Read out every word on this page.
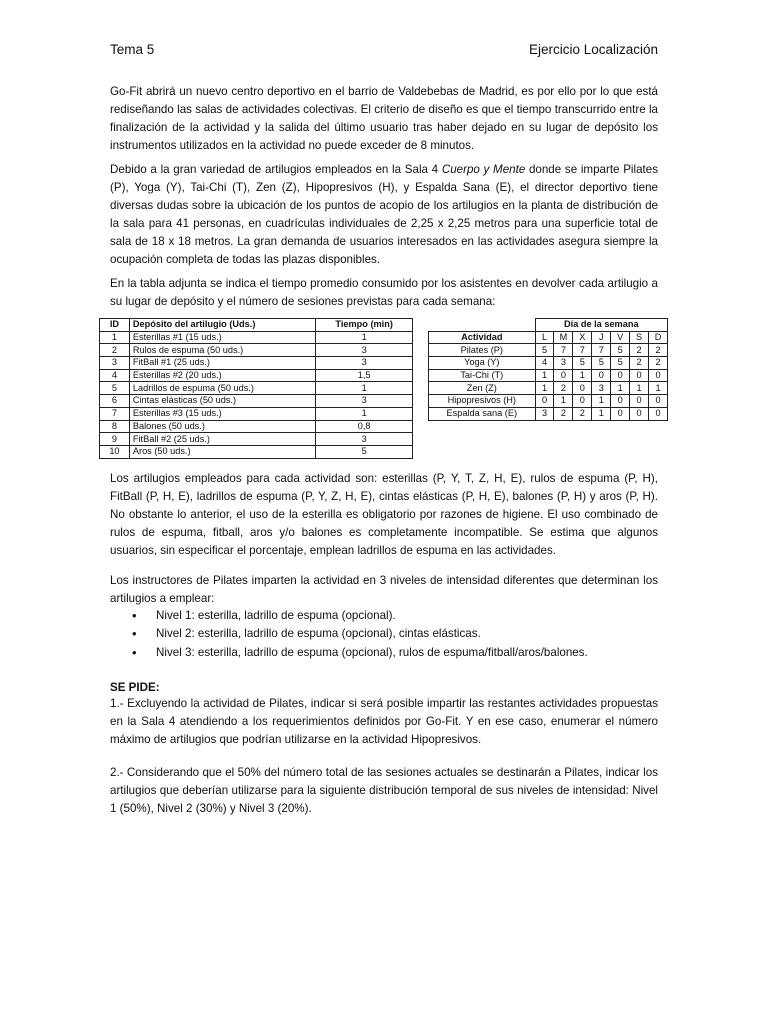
Tema 5	Ejercicio Localización

Go-Fit abrirá un nuevo centro deportivo en el barrio de Valdebebas de Madrid, es por ello por lo que está rediseñando las salas de actividades colectivas. El criterio de diseño es que el tiempo transcurrido entre la finalización de la actividad y la salida del último usuario tras haber dejado en su lugar de depósito los instrumentos utilizados en la actividad no puede exceder de 8 minutos.

Debido a la gran variedad de artilugios empleados en la Sala 4 Cuerpo y Mente donde se imparte Pilates (P), Yoga (Y), Tai-Chi (T), Zen (Z), Hipopresivos (H), y Espalda Sana (E), el director deportivo tiene diversas dudas sobre la ubicación de los puntos de acopio de los artilugios en la planta de distribución de la sala para 41 personas, en cuadrículas individuales de 2,25 x 2,25 metros para una superficie total de sala de 18 x 18 metros. La gran demanda de usuarios interesados en las actividades asegura siempre la ocupación completa de todas las plazas disponibles.

En la tabla adjunta se indica el tiempo promedio consumido por los asistentes en devolver cada artilugio a su lugar de depósito y el número de sesiones previstas para cada semana:

ID	Depósito del artilugio (Uds.)	Tiempo (min)
1	Esterillas #1 (15 uds.)	1
2	Rulos de espuma (50 uds.)	3
3	FitBall #1 (25 uds.)	3
4	Esterillas #2 (20 uds.)	1,5
5	Ladrillos de espuma (50 uds.)	1
6	Cintas elásticas (50 uds.)	3
7	Esterillas #3 (15 uds.)	1
8	Balones (50 uds.)	0,8
9	FitBall #2 (25 uds.)	3
10	Aros (50 uds.)	5
	Día de la semana						
Actividad	L	M	X	J	V	S	D
Pilates (P)	5	7	7	7	5	2	2
Yoga (Y)	4	3	5	5	5	2	2
Tai-Chi (T)	1	0	1	0	0	0	0
Zen (Z)	1	2	0	3	1	1	1
Hipopresivos (H)	0	1	0	1	0	0	0
Espalda sana (E)	3	2	2	1	0	0	0

Los artilugios empleados para cada actividad son: esterillas (P, Y, T, Z, H, E), rulos de espuma (P, H), FitBall (P, H, E), ladrillos de espuma (P, Y, Z, H, E), cintas elásticas (P, H, E), balones (P, H) y aros (P, H). No obstante lo anterior, el uso de la esterilla es obligatorio por razones de higiene. El uso combinado de rulos de espuma, fitball, aros y/o balones es completamente incompatible. Se estima que algunos usuarios, sin especificar el porcentaje, emplean ladrillos de espuma en las actividades.

Los instructores de Pilates imparten la actividad en 3 niveles de intensidad diferentes que determinan los artilugios a emplear:

• Nivel 1: esterilla, ladrillo de espuma (opcional).
• Nivel 2: esterilla, ladrillo de espuma (opcional), cintas elásticas.
• Nivel 3: esterilla, ladrillo de espuma (opcional), rulos de espuma/fitball/aros/balones.

SE PIDE:

1.- Excluyendo la actividad de Pilates, indicar si será posible impartir las restantes actividades propuestas en la Sala 4 atendiendo a los requerimientos definidos por Go-Fit. Y en ese caso, enumerar el número máximo de artilugios que podrían utilizarse en la actividad Hipopresivos.

2.- Considerando que el 50% del número total de las sesiones actuales se destinarán a Pilates, indicar los artilugios que deberían utilizarse para la siguiente distribución temporal de sus niveles de intensidad: Nivel 1 (50%), Nivel 2 (30%) y Nivel 3 (20%).
